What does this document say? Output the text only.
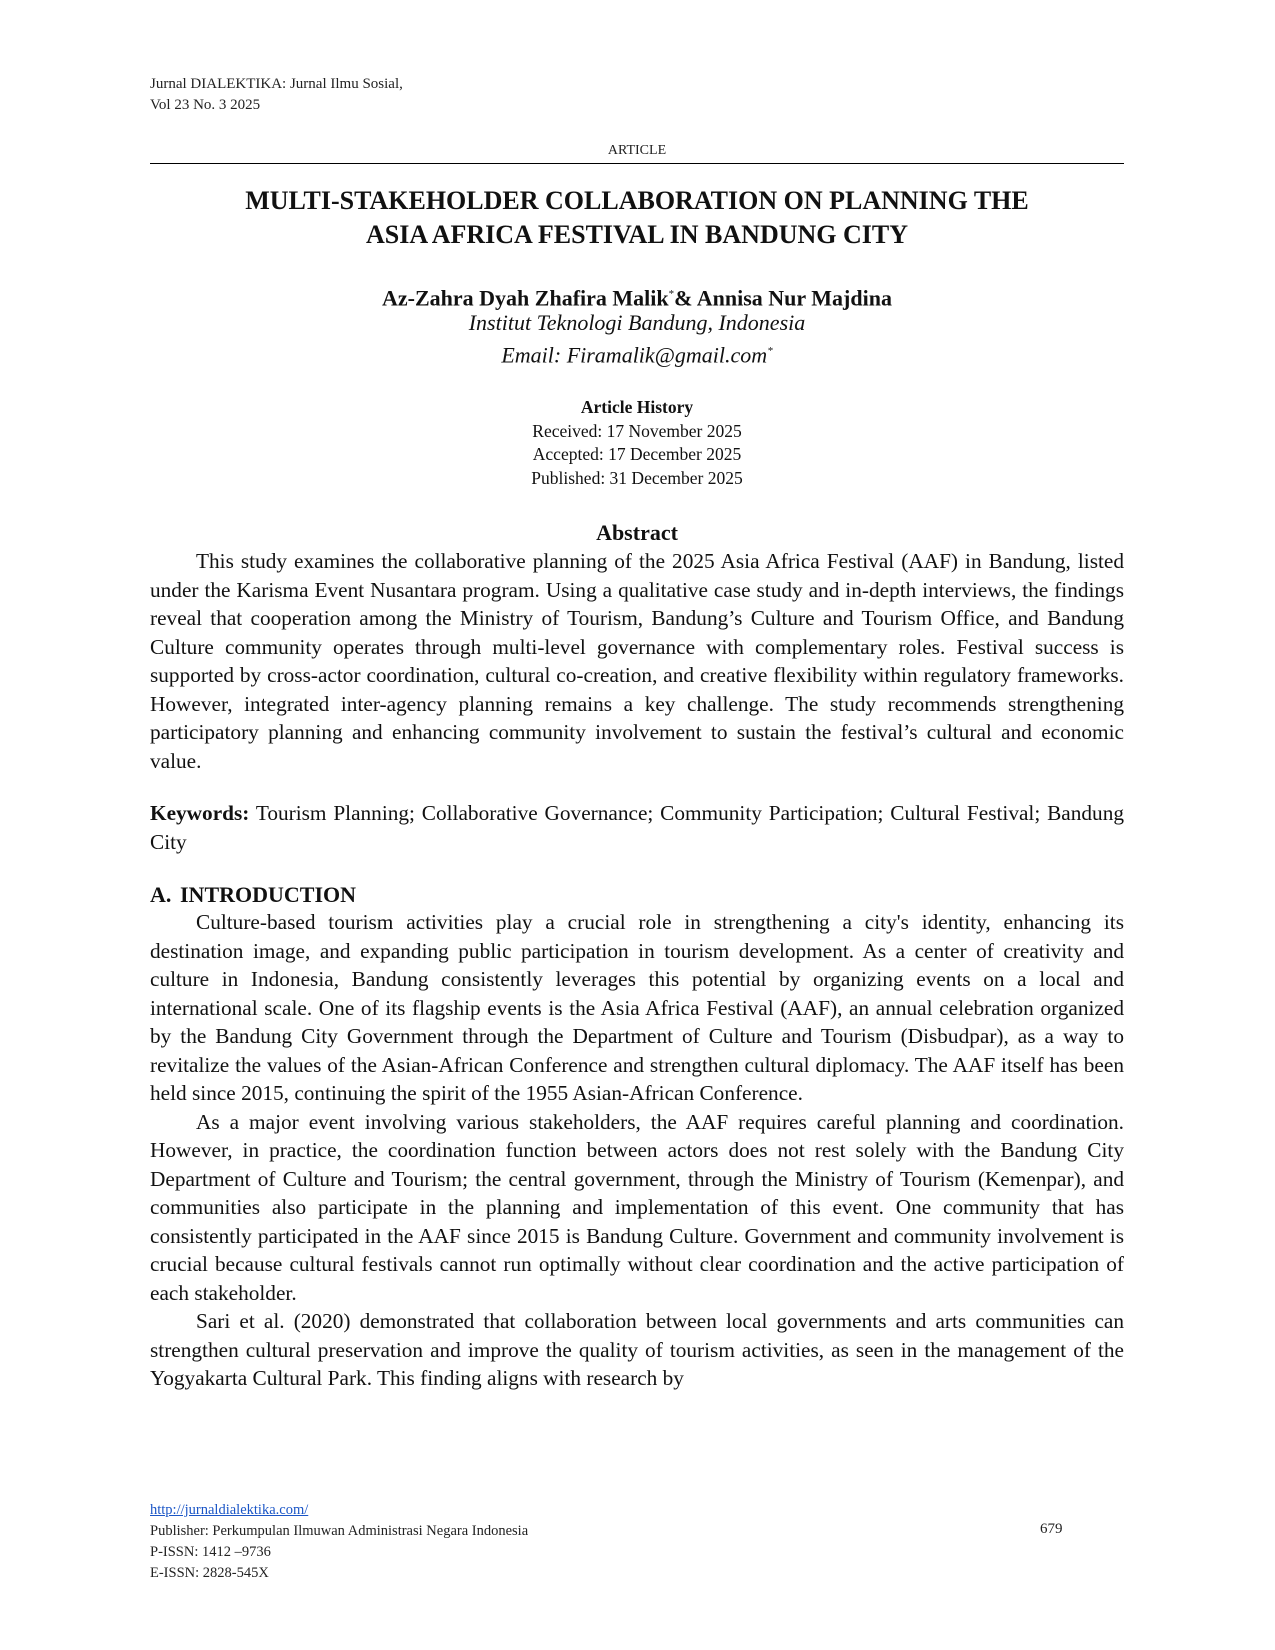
Jurnal DIALEKTIKA: Jurnal Ilmu Sosial,
Vol 23 No. 3 2025
ARTICLE
MULTI-STAKEHOLDER COLLABORATION ON PLANNING THE
ASIA AFRICA FESTIVAL IN BANDUNG CITY
Az-Zahra Dyah Zhafira Malik*& Annisa Nur Majdina
Institut Teknologi Bandung, Indonesia
Email: Firamalik@gmail.com*
Article History
Received: 17 November 2025
Accepted: 17 December 2025
Published: 31 December 2025
Abstract

This study examines the collaborative planning of the 2025 Asia Africa Festival (AAF) in Bandung, listed under the Karisma Event Nusantara program. Using a qualitative case study and in-depth interviews, the findings reveal that cooperation among the Ministry of Tourism, Bandung’s Culture and Tourism Office, and Bandung Culture community operates through multi-level governance with complementary roles. Festival success is supported by cross-actor coordination, cultural co-creation, and creative flexibility within regulatory frameworks. However, integrated inter-agency planning remains a key challenge. The study recommends strengthening participatory planning and enhancing community involvement to sustain the festival’s cultural and economic value.

Keywords: Tourism Planning; Collaborative Governance; Community Participation; Cultural Festival; Bandung City
A. INTRODUCTION

Culture-based tourism activities play a crucial role in strengthening a city's identity, enhancing its destination image, and expanding public participation in tourism development. As a center of creativity and culture in Indonesia, Bandung consistently leverages this potential by organizing events on a local and international scale. One of its flagship events is the Asia Africa Festival (AAF), an annual celebration organized by the Bandung City Government through the Department of Culture and Tourism (Disbudpar), as a way to revitalize the values of the Asian-African Conference and strengthen cultural diplomacy. The AAF itself has been held since 2015, continuing the spirit of the 1955 Asian-African Conference.

As a major event involving various stakeholders, the AAF requires careful planning and coordination. However, in practice, the coordination function between actors does not rest solely with the Bandung City Department of Culture and Tourism; the central government, through the Ministry of Tourism (Kemenpar), and communities also participate in the planning and implementation of this event. One community that has consistently participated in the AAF since 2015 is Bandung Culture. Government and community involvement is crucial because cultural festivals cannot run optimally without clear coordination and the active participation of each stakeholder.

Sari et al. (2020) demonstrated that collaboration between local governments and arts communities can strengthen cultural preservation and improve the quality of tourism activities, as seen in the management of the Yogyakarta Cultural Park. This finding aligns with research by

http://jurnaldialektika.com/
Publisher: Perkumpulan Ilmuwan Administrasi Negara Indonesia
P-ISSN: 1412 –9736
E-ISSN: 2828-545X
679
